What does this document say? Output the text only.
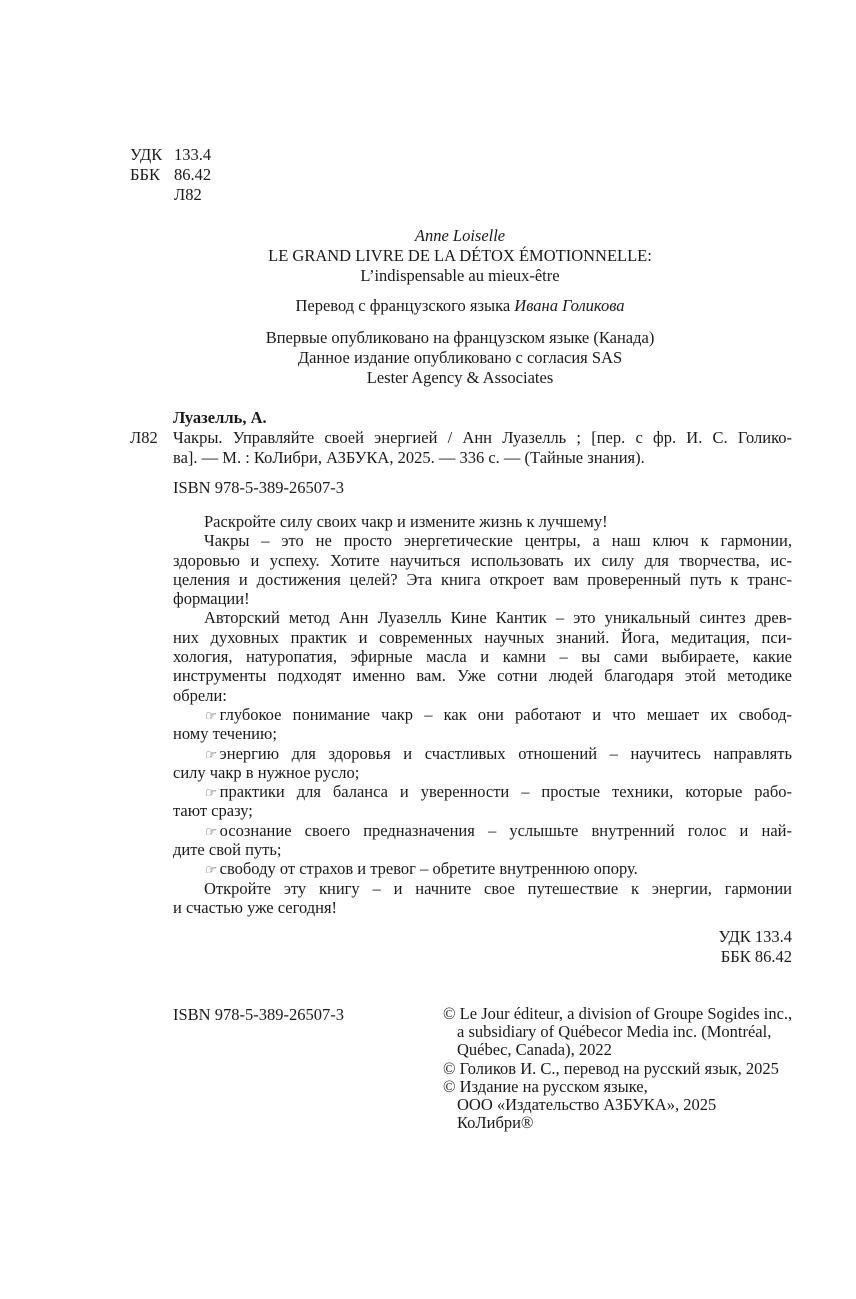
УДК 133.4
ББК 86.42
Л82
Anne Loiselle
LE GRAND LIVRE DE LA DÉTOX ÉMOTIONNELLE:
L’indispensable au mieux-être
Перевод с французского языка Ивана Голикова
Впервые опубликовано на французском языке (Канада)
Данное издание опубликовано с согласия SAS
Lester Agency & Associates
Луазелль, А.
Л82 Чакры. Управляйте своей энергией / Анн Луазелль ; [пер. с фр. И. С. Голико-
ва]. — М. : КоЛибри, АЗБУКА, 2025. — 336 с. — (Тайные знания).
ISBN 978-5-389-26507-3
Раскройте силу своих чакр и измените жизнь к лучшему!
Чакры – это не просто энергетические центры, а наш ключ к гармонии,
здоровью и успеху. Хотите научиться использовать их силу для творчества, ис-
целения и достижения целей? Эта книга откроет вам проверенный путь к транс-
формации!
Авторский метод Анн Луазелль Кине Кантик – это уникальный синтез древ-
них духовных практик и современных научных знаний. Йога, медитация, пси-
хология, натуропатия, эфирные масла и камни – вы сами выбираете, какие
инструменты подходят именно вам. Уже сотни людей благодаря этой методике
обрели:
☞ глубокое понимание чакр – как они работают и что мешает их свобод-
ному течению;
☞ энергию для здоровья и счастливых отношений – научитесь направлять
силу чакр в нужное русло;
☞ практики для баланса и уверенности – простые техники, которые рабо-
тают сразу;
☞ осознание своего предназначения – услышьте внутренний голос и най-
дите свой путь;
☞ свободу от страхов и тревог – обретите внутреннюю опору.
Откройте эту книгу – и начните свое путешествие к энергии, гармонии
и счастью уже сегодня!
УДК 133.4
ББК 86.42
ISBN 978-5-389-26507-3	© Le Jour éditeur, a division of Groupe Sogides inc.,
a subsidiary of Québecor Media inc. (Montréal,
Québec, Canada), 2022
© Голиков И. С., перевод на русский язык, 2025
© Издание на русском языке,
ООО «Издательство АЗБУКА», 2025
КоЛибри®
